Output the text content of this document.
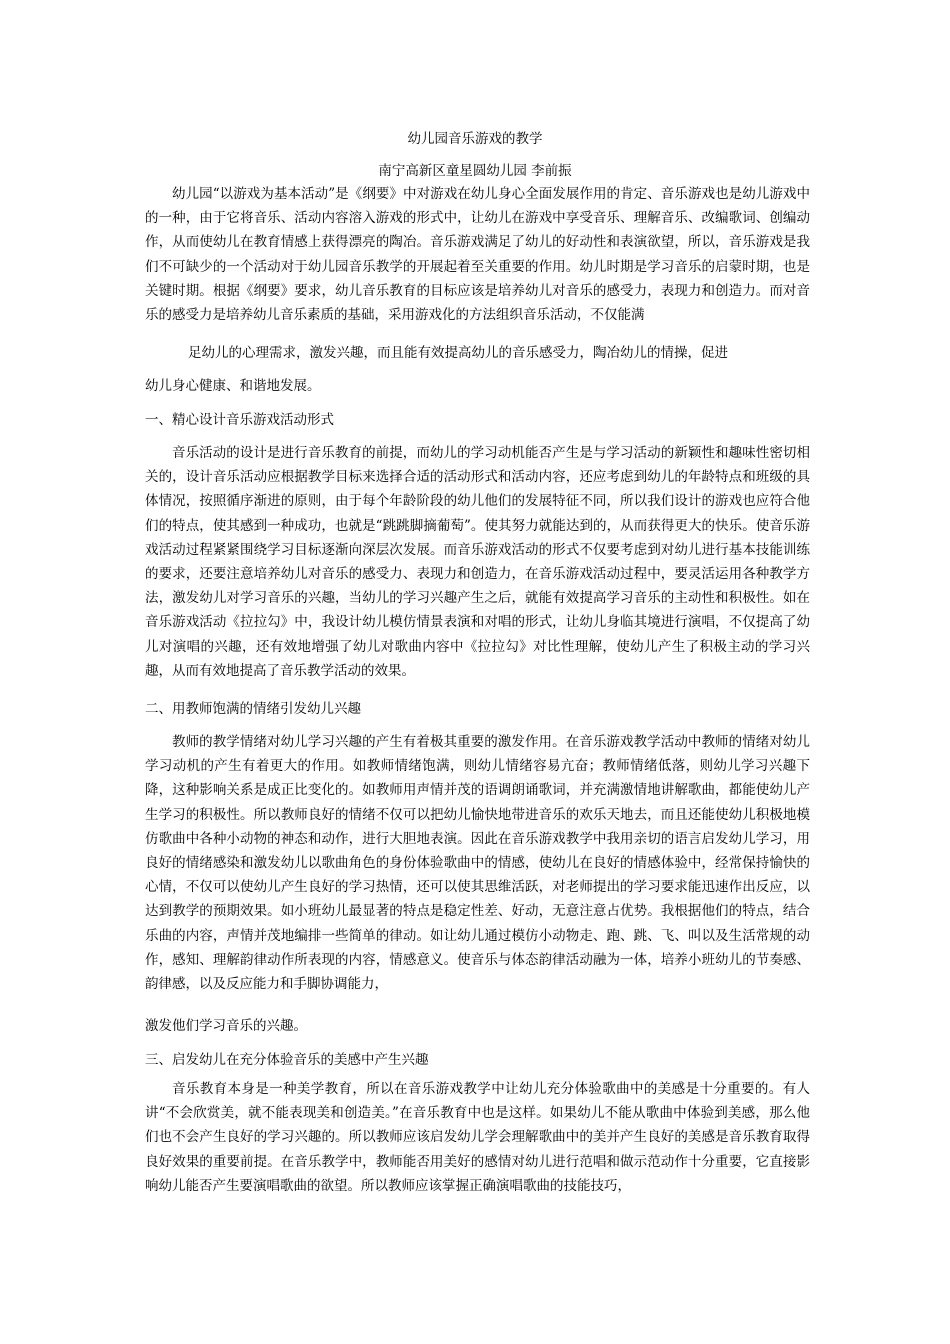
幼儿园音乐游戏的教学
南宁高新区童星圆幼儿园 李前振
幼儿园“以游戏为基本活动”是《纲要》中对游戏在幼儿身心全面发展作用的肯定、音乐游戏也是幼儿游戏中的一种，由于它将音乐、活动内容溶入游戏的形式中，让幼儿在游戏中享受音乐、理解音乐、改编歌词、创编动作，从而使幼儿在教育情感上获得漂亮的陶冶。音乐游戏满足了幼儿的好动性和表演欲望，所以，音乐游戏是我们不可缺少的一个活动对于幼儿园音乐教学的开展起着至关重要的作用。幼儿时期是学习音乐的启蒙时期，也是关键时期。根据《纲要》要求，幼儿音乐教育的目标应该是培养幼儿对音乐的感受力，表现力和创造力。而对音乐的感受力是培养幼儿音乐素质的基础，采用游戏化的方法组织音乐活动，不仅能满
足幼儿的心理需求，激发兴趣，而且能有效提高幼儿的音乐感受力，陶冶幼儿的情操，促进
幼儿身心健康、和谐地发展。
一、精心设计音乐游戏活动形式
音乐活动的设计是进行音乐教育的前提，而幼儿的学习动机能否产生是与学习活动的新颖性和趣味性密切相关的，设计音乐活动应根据教学目标来选择合适的活动形式和活动内容，还应考虑到幼儿的年龄特点和班级的具体情况，按照循序渐进的原则，由于每个年龄阶段的幼儿他们的发展特征不同，所以我们设计的游戏也应符合他们的特点，使其感到一种成功，也就是“跳跳脚摘葡萄”。使其努力就能达到的，从而获得更大的快乐。使音乐游戏活动过程紧紧围绕学习目标逐渐向深层次发展。而音乐游戏活动的形式不仅要考虑到对幼儿进行基本技能训练的要求，还要注意培养幼儿对音乐的感受力、表现力和创造力，在音乐游戏活动过程中，要灵活运用各种教学方法，激发幼儿对学习音乐的兴趣，当幼儿的学习兴趣产生之后，就能有效提高学习音乐的主动性和积极性。如在音乐游戏活动《拉拉勾》中，我设计幼儿模仿情景表演和对唱的形式，让幼儿身临其境进行演唱，不仅提高了幼儿对演唱的兴趣，还有效地增强了幼儿对歌曲内容中《拉拉勾》对比性理解，使幼儿产生了积极主动的学习兴趣，从而有效地提高了音乐教学活动的效果。
二、用教师饱满的情绪引发幼儿兴趣
教师的教学情绪对幼儿学习兴趣的产生有着极其重要的激发作用。在音乐游戏教学活动中教师的情绪对幼儿学习动机的产生有着更大的作用。如教师情绪饱满，则幼儿情绪容易亢奋；教师情绪低落，则幼儿学习兴趣下降，这种影响关系是成正比变化的。如教师用声情并茂的语调朗诵歌词，并充满激情地讲解歌曲，都能使幼儿产生学习的积极性。所以教师良好的情绪不仅可以把幼儿愉快地带进音乐的欢乐天地去，而且还能使幼儿积极地模仿歌曲中各种小动物的神态和动作，进行大胆地表演。因此在音乐游戏教学中我用亲切的语言启发幼儿学习，用良好的情绪感染和激发幼儿以歌曲角色的身份体验歌曲中的情感，使幼儿在良好的情感体验中，经常保持愉快的心情，不仅可以使幼儿产生良好的学习热情，还可以使其思维活跃，对老师提出的学习要求能迅速作出反应，以达到教学的预期效果。如小班幼儿最显著的特点是稳定性差、好动，无意注意占优势。我根据他们的特点，结合乐曲的内容，声情并茂地编排一些简单的律动。如让幼儿通过模仿小动物走、跑、跳、飞、叫以及生活常规的动作，感知、理解韵律动作所表现的内容，情感意义。使音乐与体态韵律活动融为一体，培养小班幼儿的节奏感、韵律感，以及反应能力和手脚协调能力，
激发他们学习音乐的兴趣。
三、启发幼儿在充分体验音乐的美感中产生兴趣
音乐教育本身是一种美学教育，所以在音乐游戏教学中让幼儿充分体验歌曲中的美感是十分重要的。有人讲“不会欣赏美，就不能表现美和创造美。”在音乐教育中也是这样。如果幼儿不能从歌曲中体验到美感，那么他们也不会产生良好的学习兴趣的。所以教师应该启发幼儿学会理解歌曲中的美并产生良好的美感是音乐教育取得良好效果的重要前提。在音乐教学中，教师能否用美好的感情对幼儿进行范唱和做示范动作十分重要，它直接影响幼儿能否产生要演唱歌曲的欲望。所以教师应该掌握正确演唱歌曲的技能技巧，
